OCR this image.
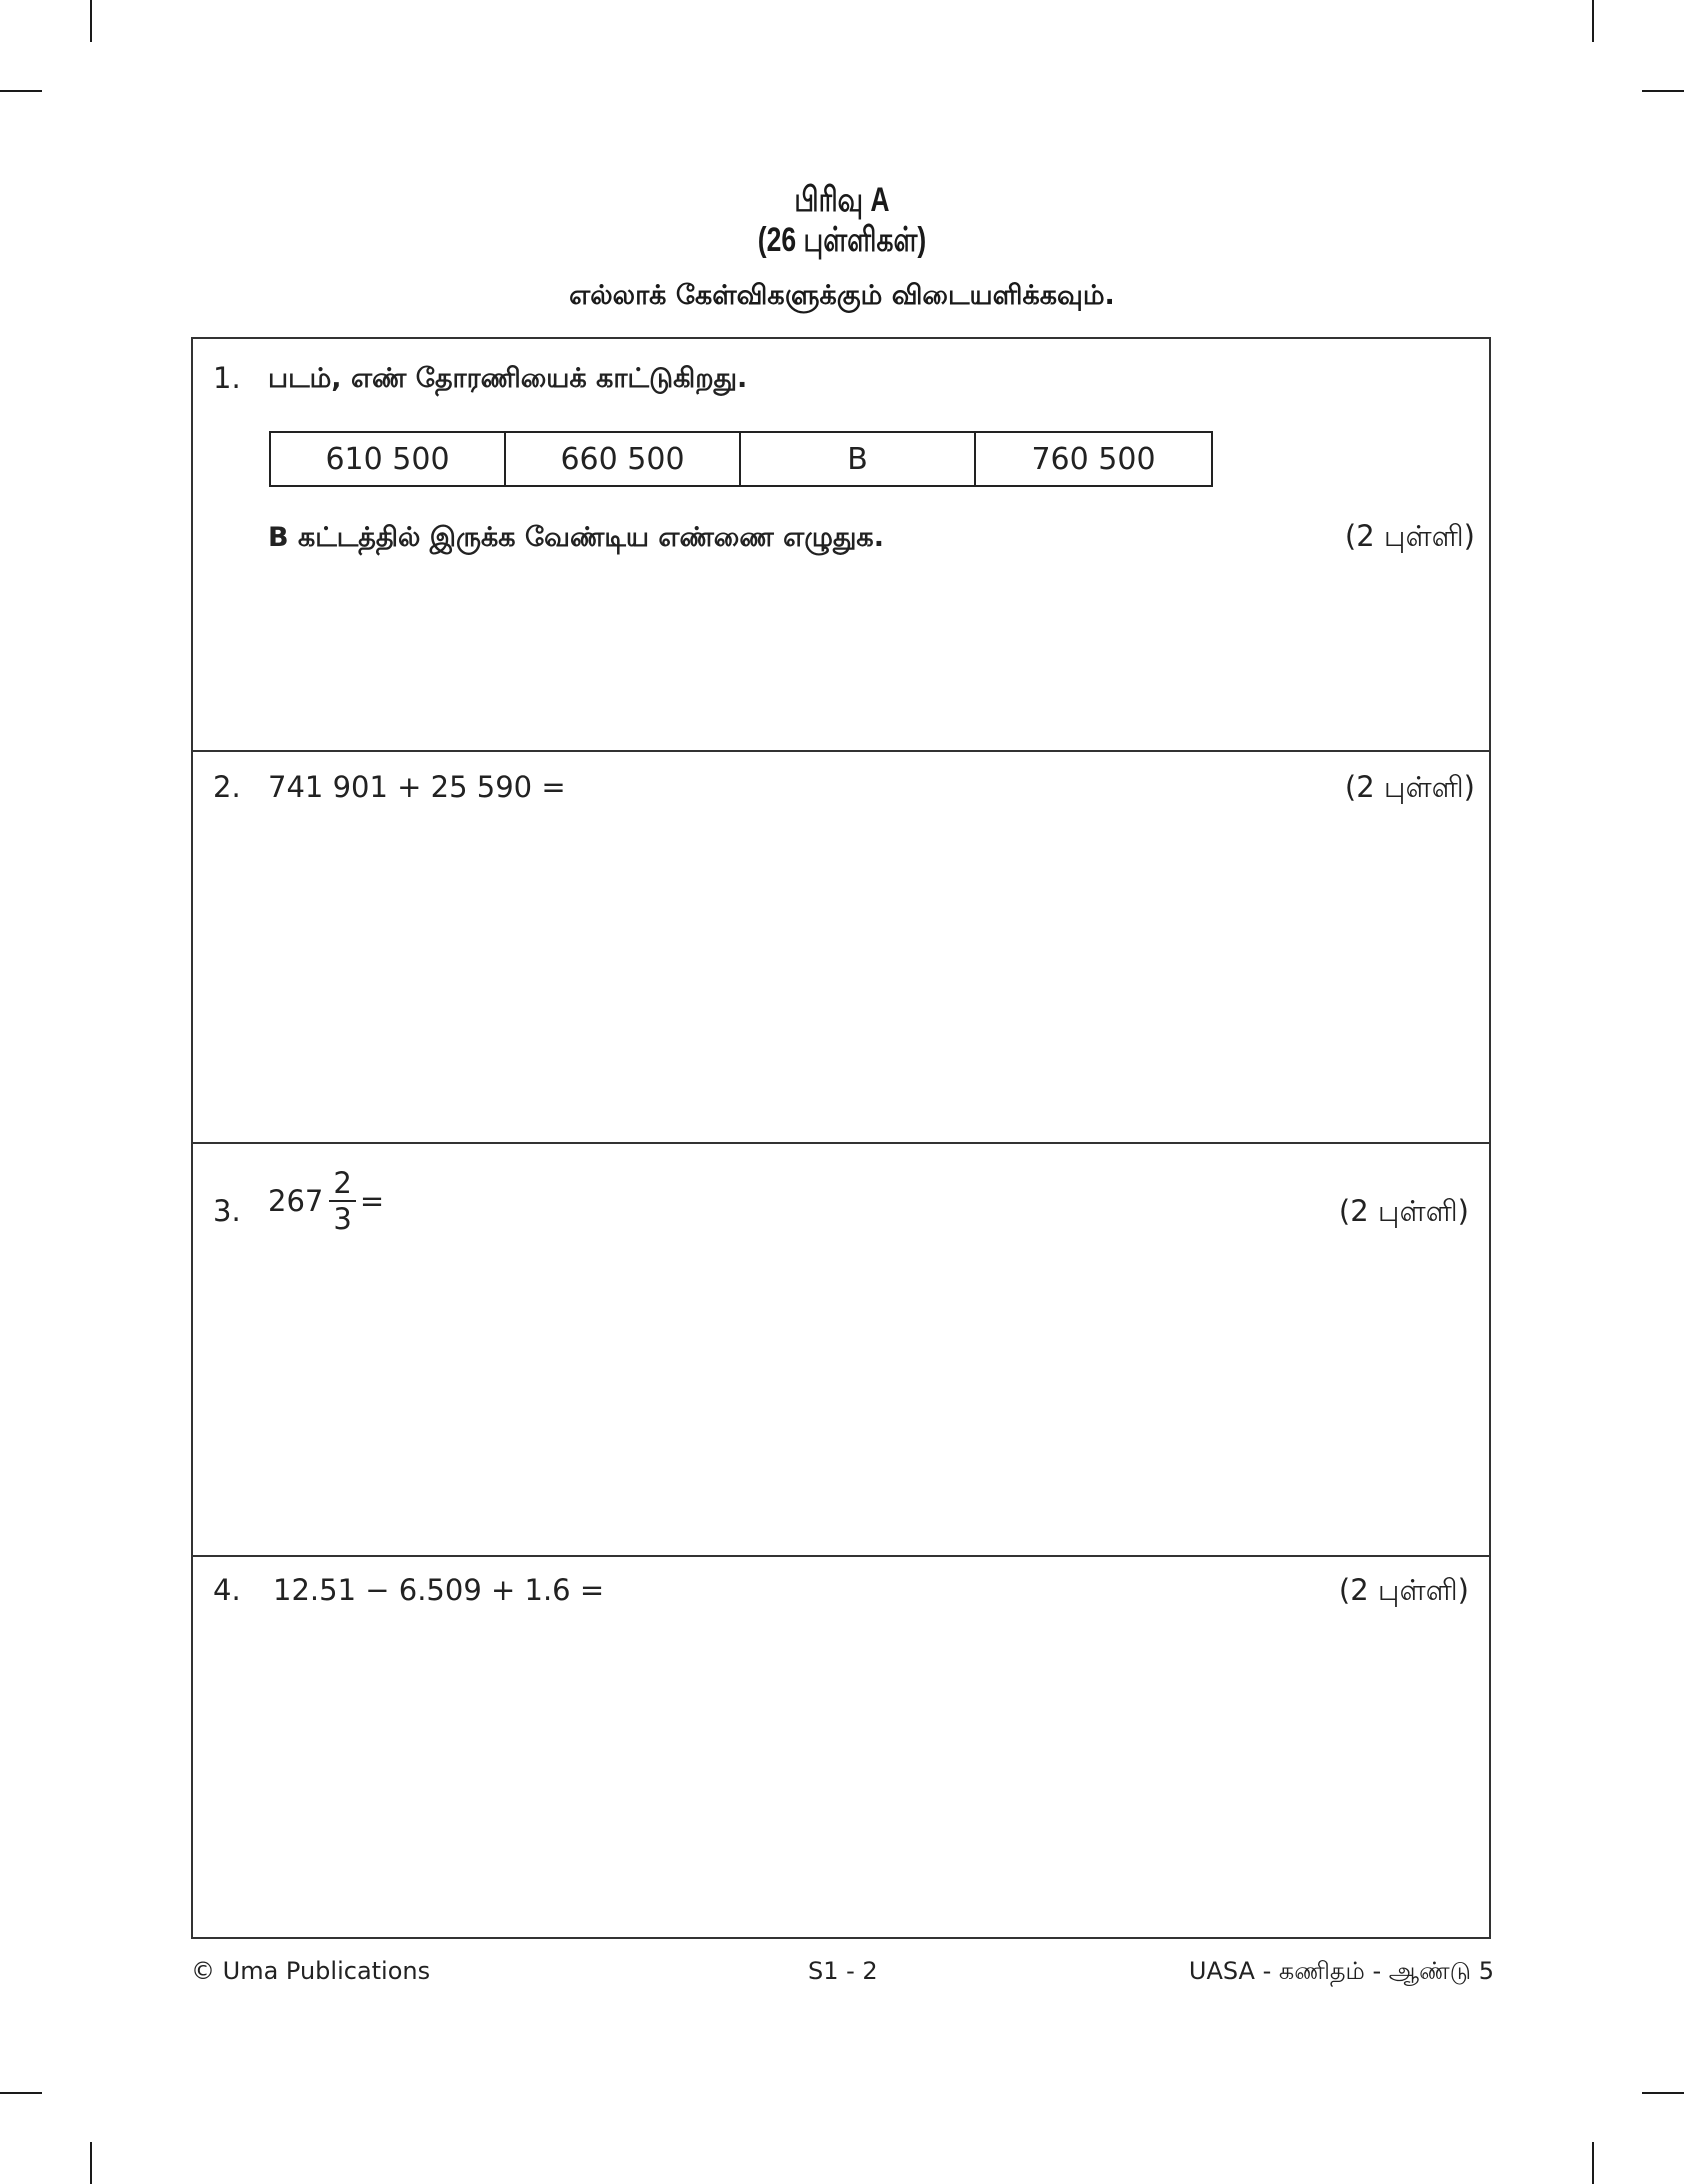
பிரிவு A
(26 புள்ளிகள்)
எல்லாக் கேள்விகளுக்கும் விடையளிக்கவும்.
1. படம், எண் தோரணியைக் காட்டுகிறது.
610 500	660 500	B	760 500
B கட்டத்தில் இருக்க வேண்டிய எண்ணை எழுதுக.	(2 புள்ளி)
2. 741 901 + 25 590 =	(2 புள்ளி)
3. $267 \frac{2}{3}$ =	(2 புள்ளி)
4. 12.51 − 6.509 + 1.6 =	(2 புள்ளி)
© Uma Publications	S1 - 2	UASA - கணிதம் - ஆண்டு 5
